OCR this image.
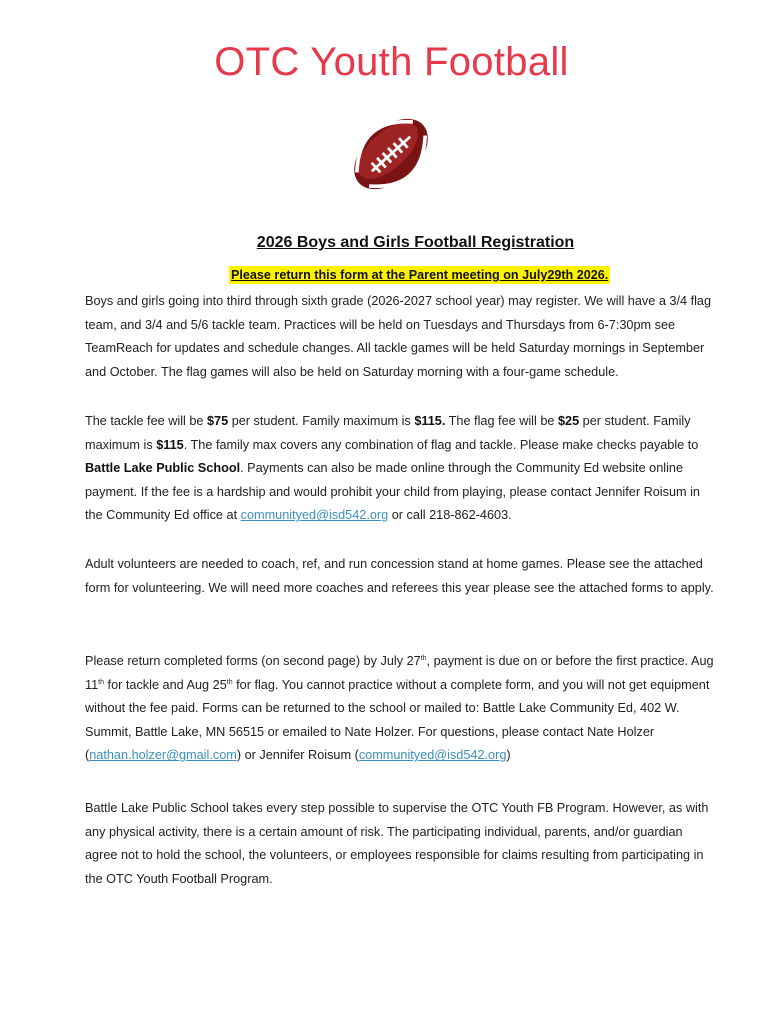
OTC Youth Football
2026 Boys and Girls Football Registration
Please return this form at the Parent meeting on July29th 2026.

Boys and girls going into third through sixth grade (2026-2027 school year) may register. We will have a 3/4 flag team, and 3/4 and 5/6 tackle team. Practices will be held on Tuesdays and Thursdays from 6-7:30pm see TeamReach for updates and schedule changes. All tackle games will be held Saturday mornings in September and October. The flag games will also be held on Saturday morning with a four-game schedule.

The tackle fee will be $75 per student. Family maximum is $115. The flag fee will be $25 per student. Family maximum is $115. The family max covers any combination of flag and tackle. Please make checks payable to Battle Lake Public School. Payments can also be made online through the Community Ed website online payment. If the fee is a hardship and would prohibit your child from playing, please contact Jennifer Roisum in the Community Ed office at communityed@isd542.org or call 218-862-4603.

Adult volunteers are needed to coach, ref, and run concession stand at home games. Please see the attached form for volunteering. We will need more coaches and referees this year please see the attached forms to apply.

Please return completed forms (on second page) by July 27th, payment is due on or before the first practice. Aug 11th for tackle and Aug 25th for flag. You cannot practice without a complete form, and you will not get equipment without the fee paid. Forms can be returned to the school or mailed to: Battle Lake Community Ed, 402 W. Summit, Battle Lake, MN 56515 or emailed to Nate Holzer. For questions, please contact Nate Holzer (nathan.holzer@gmail.com) or Jennifer Roisum (communityed@isd542.org)

Battle Lake Public School takes every step possible to supervise the OTC Youth FB Program. However, as with any physical activity, there is a certain amount of risk. The participating individual, parents, and/or guardian agree not to hold the school, the volunteers, or employees responsible for claims resulting from participating in the OTC Youth Football Program.
